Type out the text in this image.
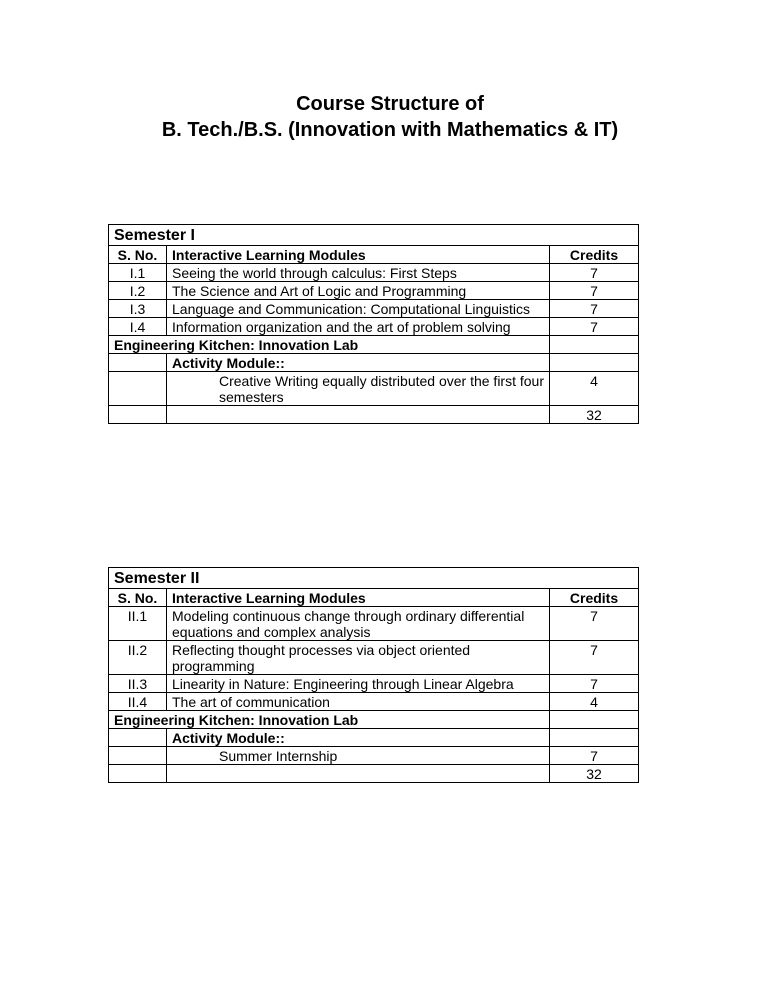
Course Structure of
B. Tech./B.S. (Innovation with Mathematics & IT)
Semester I		
S. No.	Interactive Learning Modules	Credits
I.1	Seeing the world through calculus: First Steps	7
I.2	The Science and Art of Logic and Programming	7
I.3	Language and Communication: Computational Linguistics	7
I.4	Information organization and the art of problem solving	7
Engineering Kitchen: Innovation Lab		
	Activity Module::	
	Creative Writing equally distributed over the first four semesters	4
		32
Semester II		
S. No.	Interactive Learning Modules	Credits
II.1	Modeling continuous change through ordinary differential equations and complex analysis	7
II.2	Reflecting thought processes via object oriented programming	7
II.3	Linearity in Nature: Engineering through Linear Algebra	7
II.4	The art of communication	4
Engineering Kitchen: Innovation Lab		
	Activity Module::	
	Summer Internship	7
		32
